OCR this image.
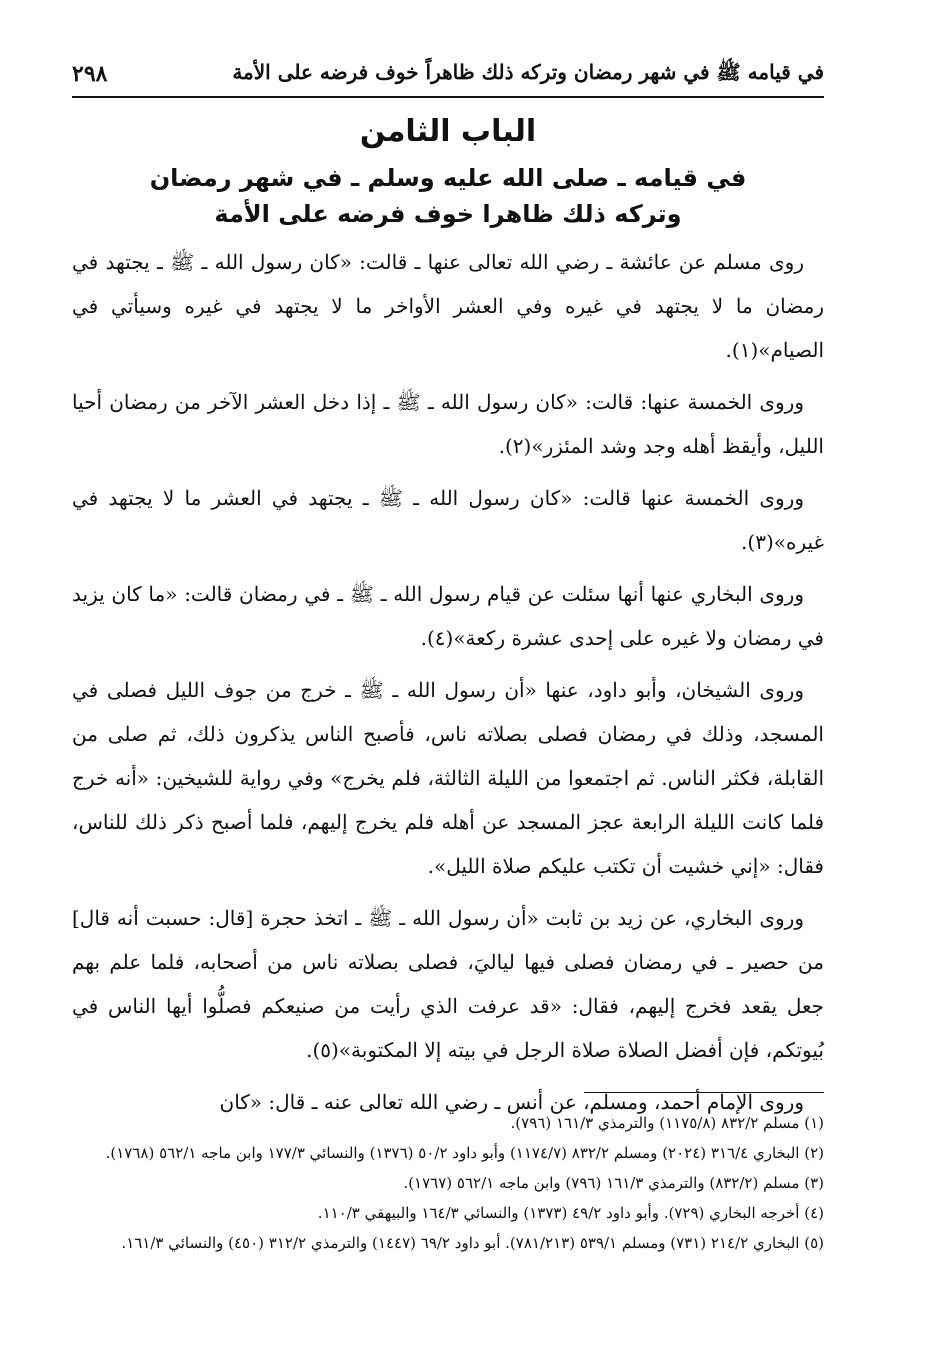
في قيامه ﷺ في شهر رمضان وتركه ذلك ظاهراً خوف فرضه على الأمة
٢٩٨
الباب الثامن
في قيامه ـ صلى الله عليه وسلم ـ في شهر رمضان
وتركه ذلك ظاهرا خوف فرضه على الأمة

روى مسلم عن عائشة ـ رضي الله تعالى عنها ـ قالت: «كان رسول الله ـ ﷺ ـ يجتهد في رمضان ما لا يجتهد في غيره وفي العشر الأواخر ما لا يجتهد في غيره وسيأتي في الصيام»(١).

وروى الخمسة عنها: قالت: «كان رسول الله ـ ﷺ ـ إذا دخل العشر الآخر من رمضان أحيا الليل، وأيقظ أهله وجد وشد المئزر»(٢).

وروى الخمسة عنها قالت: «كان رسول الله ـ ﷺ ـ يجتهد في العشر ما لا يجتهد في غيره»(٣).

وروى البخاري عنها أنها سئلت عن قيام رسول الله ـ ﷺ ـ في رمضان قالت: «ما كان يزيد في رمضان ولا غيره على إحدى عشرة ركعة»(٤).

وروى الشيخان، وأبو داود، عنها «أن رسول الله ـ ﷺ ـ خرج من جوف الليل فصلى في المسجد، وذلك في رمضان فصلى بصلاته ناس، فأصبح الناس يذكرون ذلك، ثم صلى من القابلة، فكثر الناس. ثم اجتمعوا من الليلة الثالثة، فلم يخرج» وفي رواية للشيخين: «أنه خرج فلما كانت الليلة الرابعة عجز المسجد عن أهله فلم يخرج إليهم، فلما أصبح ذكر ذلك للناس، فقال: «إني خشيت أن تكتب عليكم صلاة الليل».

وروى البخاري، عن زيد بن ثابت «أن رسول الله ـ ﷺ ـ اتخذ حجرة [قال: حسبت أنه قال] من حصير ـ في رمضان فصلى فيها لياليَ، فصلى بصلاته ناس من أصحابه، فلما علم بهم جعل يقعد فخرج إليهم، فقال: «قد عرفت الذي رأيت من صنيعكم فصلُّوا أيها الناس في بُيوتكم، فإن أفضل الصلاة صلاة الرجل في بيته إلا المكتوبة»(٥).

وروى الإمام أحمد، ومسلم، عن أنس ـ رضي الله تعالى عنه ـ قال: «كان

(١) مسلم ٨٣٢/٢ (١١٧٥/٨) والترمذي ١٦١/٣ (٧٩٦).
(٢) البخاري ٣١٦/٤ (٢٠٢٤) ومسلم ٨٣٢/٢ (١١٧٤/٧) وأبو داود ٥٠/٢ (١٣٧٦) والنسائي ١٧٧/٣ وابن ماجه ٥٦٢/١ (١٧٦٨).
(٣) مسلم (٨٣٢/٢) والترمذي ١٦١/٣ (٧٩٦) وابن ماجه ٥٦٢/١ (١٧٦٧).
(٤) أخرجه البخاري (٧٢٩). وأبو داود ٤٩/٢ (١٣٧٣) والنسائي ١٦٤/٣ والبيهقي ١١٠/٣.
(٥) البخاري ٢١٤/٢ (٧٣١) ومسلم ٥٣٩/١ (٧٨١/٢١٣). أبو داود ٦٩/٢ (١٤٤٧) والترمذي ٣١٢/٢ (٤٥٠) والنسائي ١٦١/٣.
